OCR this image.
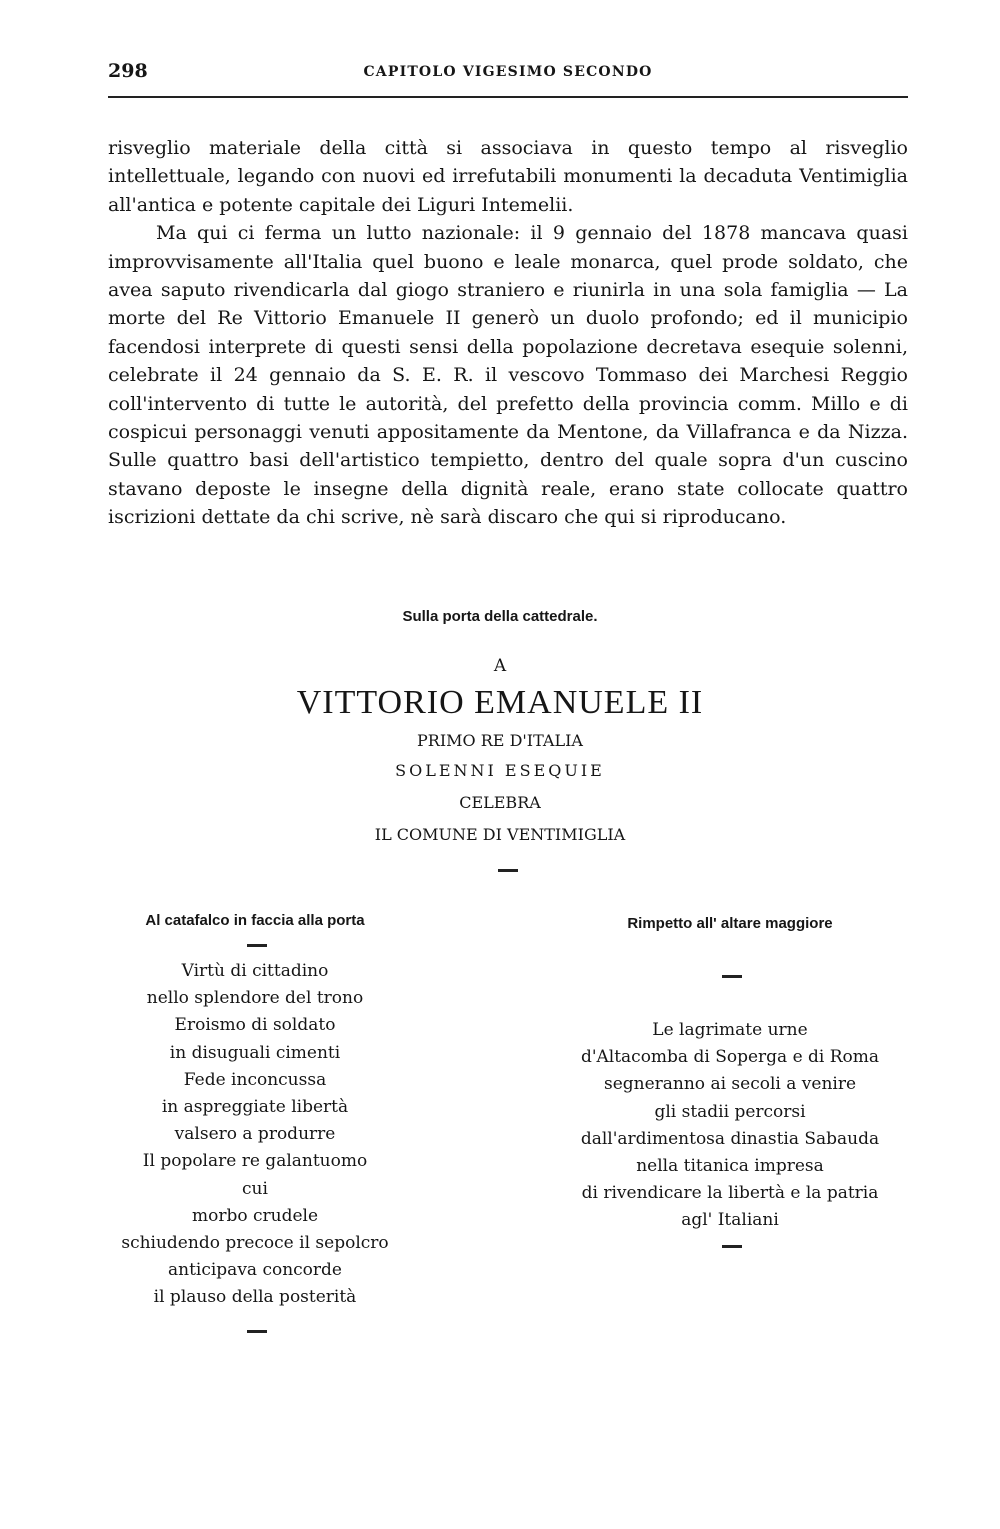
298	CAPITOLO VIGESIMO SECONDO

risveglio materiale della città si associava in questo tempo al risveglio intellettuale, legando con nuovi ed irrefutabili monumenti la decaduta Ventimiglia all'antica e potente capitale dei Liguri Intemelii.

Ma qui ci ferma un lutto nazionale: il 9 gennaio del 1878 mancava quasi improvvisamente all'Italia quel buono e leale monarca, quel prode soldato, che avea saputo rivendicarla dal giogo straniero e riunirla in una sola famiglia — La morte del Re Vittorio Emanuele II generò un duolo profondo; ed il municipio facendosi interprete di questi sensi della popolazione decretava esequie solenni, celebrate il 24 gennaio da S. E. R. il vescovo Tommaso dei Marchesi Reggio coll'intervento di tutte le autorità, del prefetto della provincia comm. Millo e di cospicui personaggi venuti appositamente da Mentone, da Villafranca e da Nizza. Sulle quattro basi dell'artistico tempietto, dentro del quale sopra d'un cuscino stavano deposte le insegne della dignità reale, erano state collocate quattro iscrizioni dettate da chi scrive, nè sarà discaro che qui si riproducano.

Sulla porta della cattedrale.
A
VITTORIO EMANUELE II
PRIMO RE D'ITALIA
SOLENNI ESEQUIE
CELEBRA
IL COMUNE DI VENTIMIGLIA
Al catafalco in faccia alla porta
Virtù di cittadino
nello splendore del trono
Eroismo di soldato
in disuguali cimenti
Fede inconcussa
in aspreggiate libertà
valsero a produrre
Il popolare re galantuomo
cui
morbo crudele
schiudendo precoce il sepolcro
anticipava concorde
il plauso della posterità
Rimpetto all' altare maggiore
Le lagrimate urne
d'Altacomba di Soperga e di Roma
segneranno ai secoli a venire
gli stadii percorsi
dall'ardimentosa dinastia Sabauda
nella titanica impresa
di rivendicare la libertà e la patria
agl' Italiani
